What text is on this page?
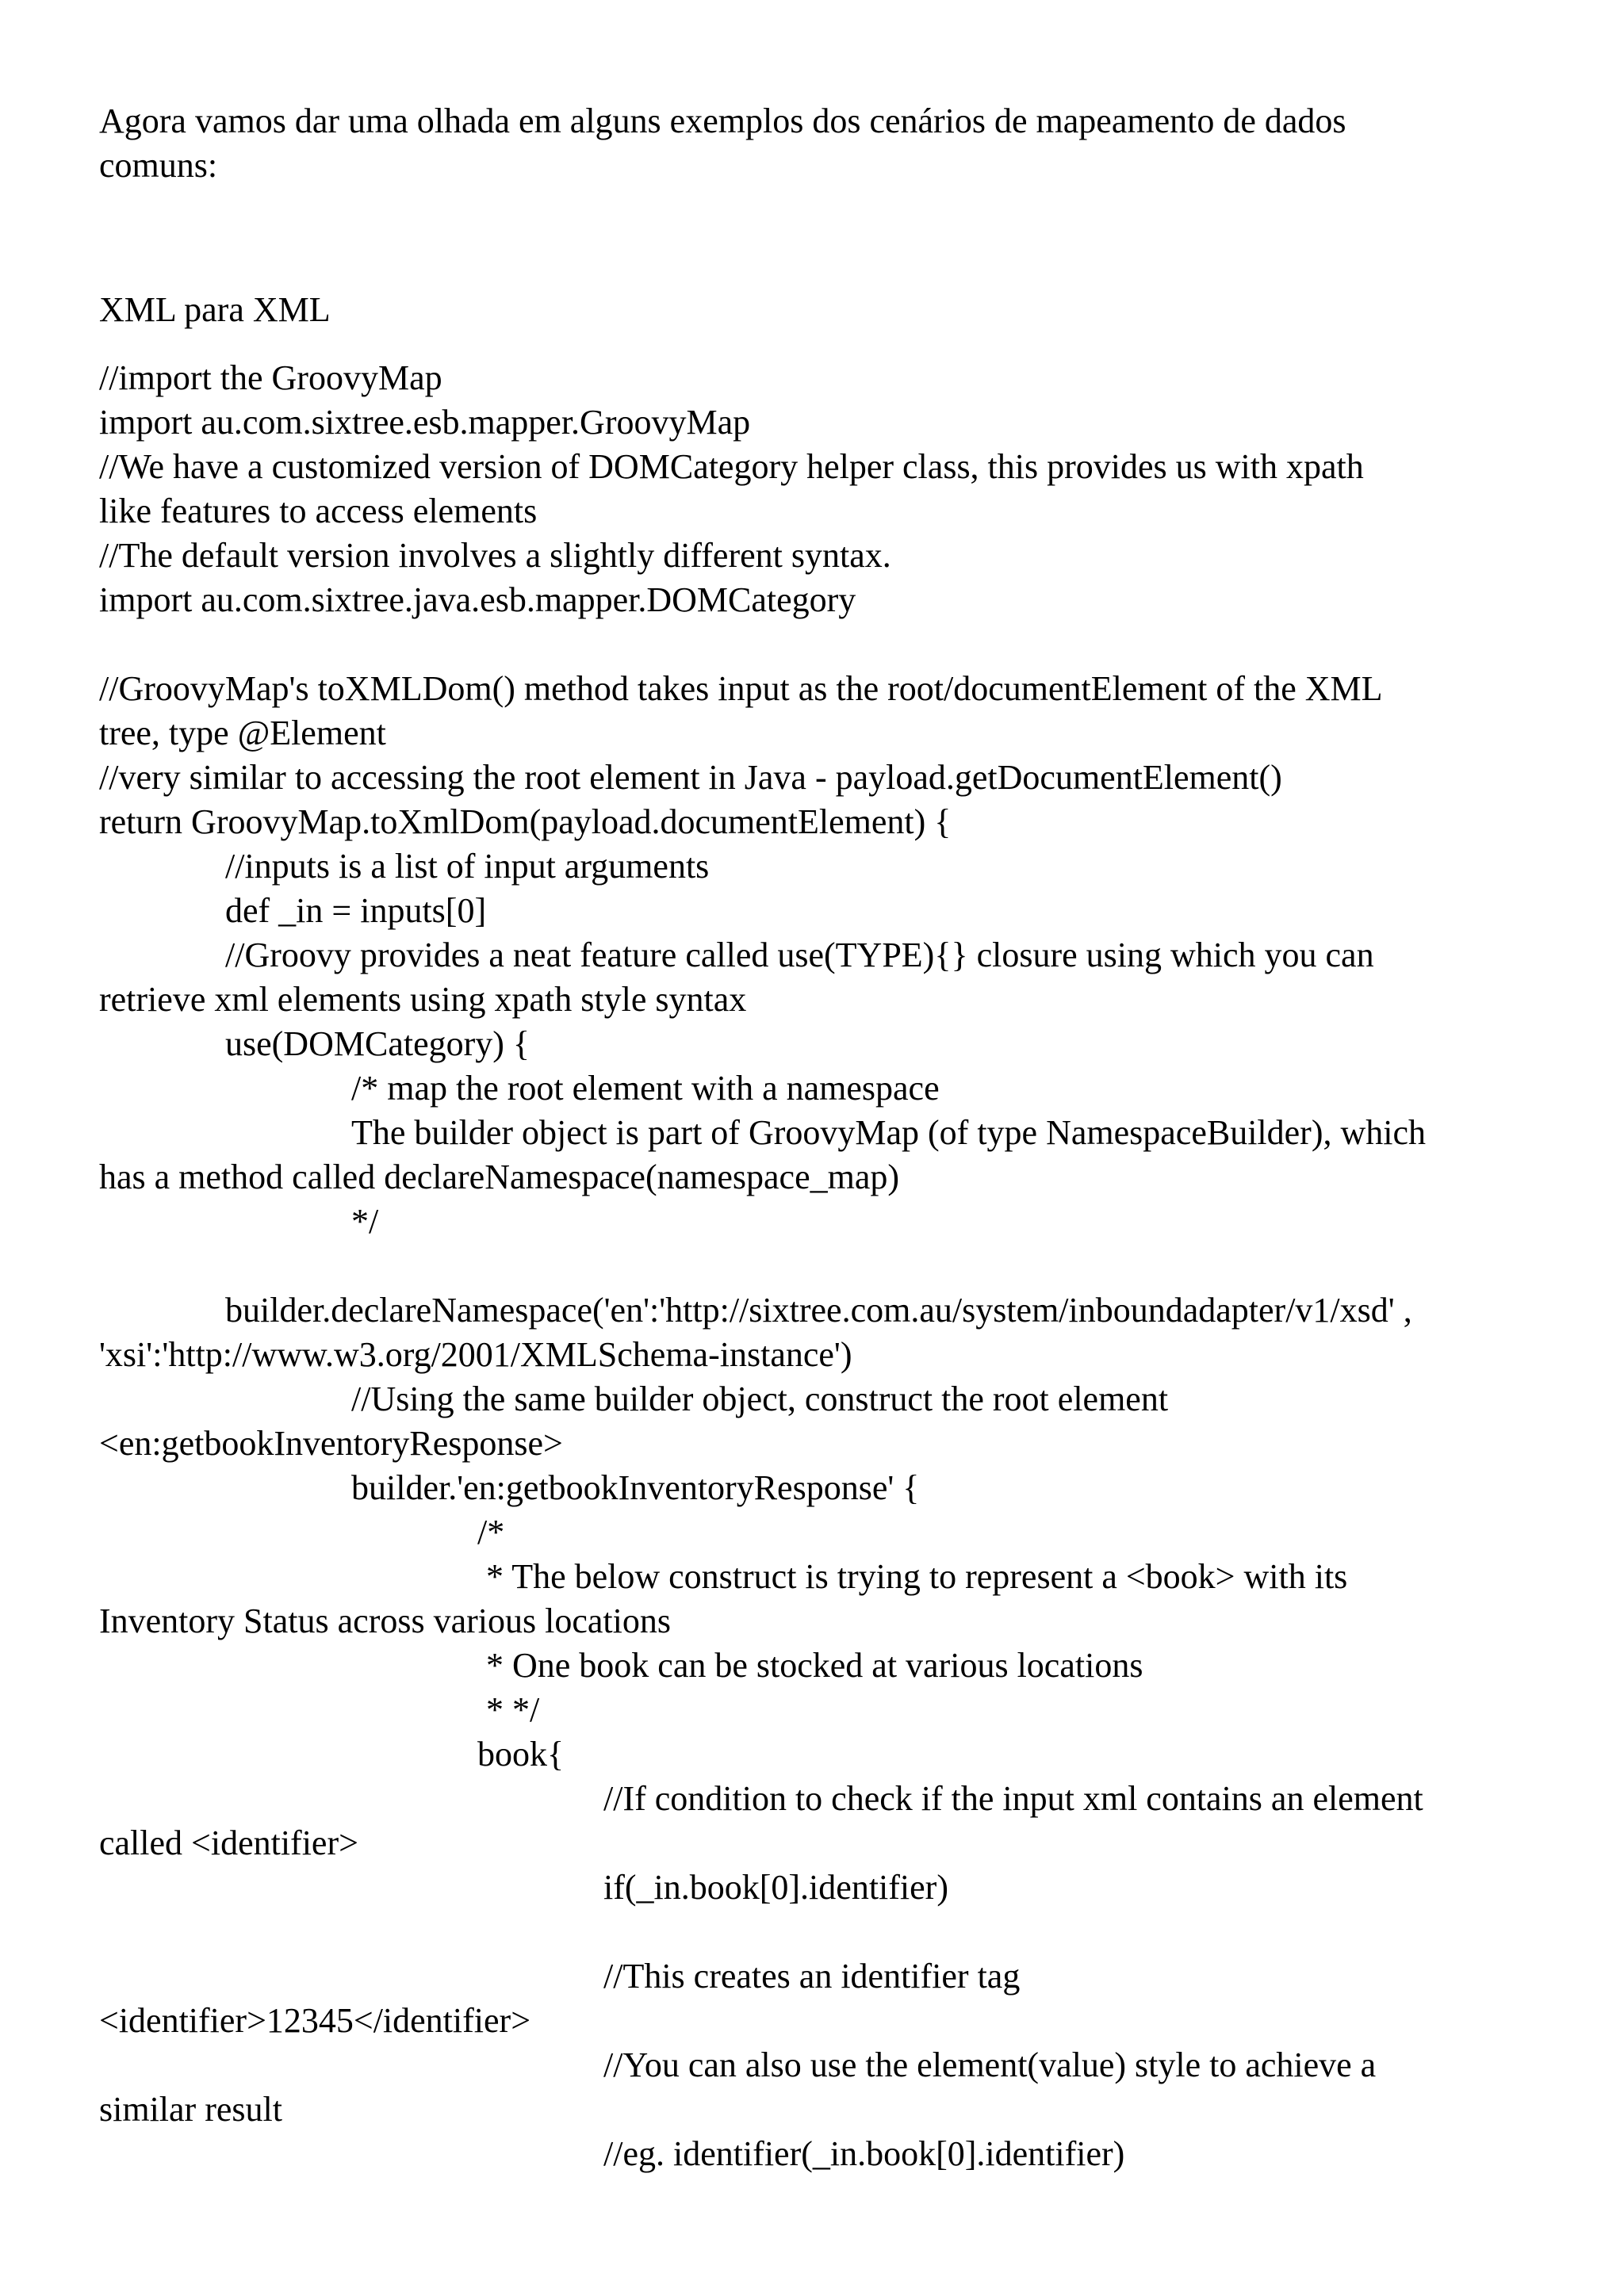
Agora vamos dar uma olhada em alguns exemplos dos cenários de mapeamento de dados

comuns:

XML para XML

//import the GroovyMap

import au.com.sixtree.esb.mapper.GroovyMap

//We have a customized version of DOMCategory helper class, this provides us with xpath

like features to access elements

//The default version involves a slightly different syntax.

import au.com.sixtree.java.esb.mapper.DOMCategory

//GroovyMap's toXMLDom() method takes input as the root/documentElement of the XML

tree, type @Element

//very similar to accessing the root element in Java - payload.getDocumentElement()

return GroovyMap.toXmlDom(payload.documentElement) {

//inputs is a list of input arguments

def _in = inputs[0]

//Groovy provides a neat feature called use(TYPE){} closure using which you can

retrieve xml elements using xpath style syntax

use(DOMCategory) {

/* map the root element with a namespace

The builder object is part of GroovyMap (of type NamespaceBuilder), which

has a method called declareNamespace(namespace_map)

*/

builder.declareNamespace('en':'http://sixtree.com.au/system/inboundadapter/v1/xsd' ,

'xsi':'http://www.w3.org/2001/XMLSchema-instance')

//Using the same builder object, construct the root element

<en:getbookInventoryResponse>

builder.'en:getbookInventoryResponse' {

/*

* The below construct is trying to represent a <book> with its

Inventory Status across various locations

* One book can be stocked at various locations

* */

book{

//If condition to check if the input xml contains an element

called <identifier>

if(_in.book[0].identifier)

//This creates an identifier tag

<identifier>12345</identifier>

//You can also use the element(value) style to achieve a

similar result

//eg. identifier(_in.book[0].identifier)
